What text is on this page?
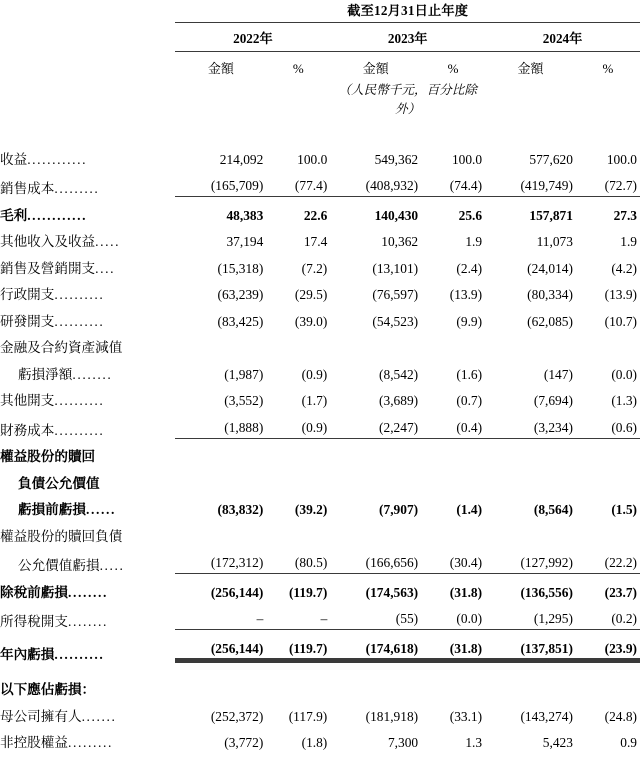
	截至12月31日止年度					

	2022年		2023年		2024年	

	金額	%	金額	%	金額	%
			（人民幣千元，百分比除外）			

收益............	214,092	100.0	549,362	100.0	577,620	100.0
銷售成本.........	(165,709)	(77.4)	(408,932)	(74.4)	(419,749)	(72.7)
毛利............	48,383	22.6	140,430	25.6	157,871	27.3
其他收入及收益.....	37,194	17.4	10,362	1.9	11,073	1.9
銷售及營銷開支....	(15,318)	(7.2)	(13,101)	(2.4)	(24,014)	(4.2)
行政開支..........	(63,239)	(29.5)	(76,597)	(13.9)	(80,334)	(13.9)
研發開支..........	(83,425)	(39.0)	(54,523)	(9.9)	(62,085)	(10.7)
金融及合約資產減值						
虧損淨額........	(1,987)	(0.9)	(8,542)	(1.6)	(147)	(0.0)
其他開支..........	(3,552)	(1.7)	(3,689)	(0.7)	(7,694)	(1.3)
財務成本..........	(1,888)	(0.9)	(2,247)	(0.4)	(3,234)	(0.6)
權益股份的贖回						
負債公允價值						
虧損前虧損......	(83,832)	(39.2)	(7,907)	(1.4)	(8,564)	(1.5)
權益股份的贖回負債						
公允價值虧損.....	(172,312)	(80.5)	(166,656)	(30.4)	(127,992)	(22.2)
除稅前虧損........	(256,144)	(119.7)	(174,563)	(31.8)	(136,556)	(23.7)
所得稅開支........	–	–	(55)	(0.0)	(1,295)	(0.2)
年內虧損..........	(256,144)	(119.7)	(174,618)	(31.8)	(137,851)	(23.9)

以下應佔虧損：						
母公司擁有人.......	(252,372)	(117.9)	(181,918)	(33.1)	(143,274)	(24.8)
非控股權益.........	(3,772)	(1.8)	7,300	1.3	5,423	0.9
